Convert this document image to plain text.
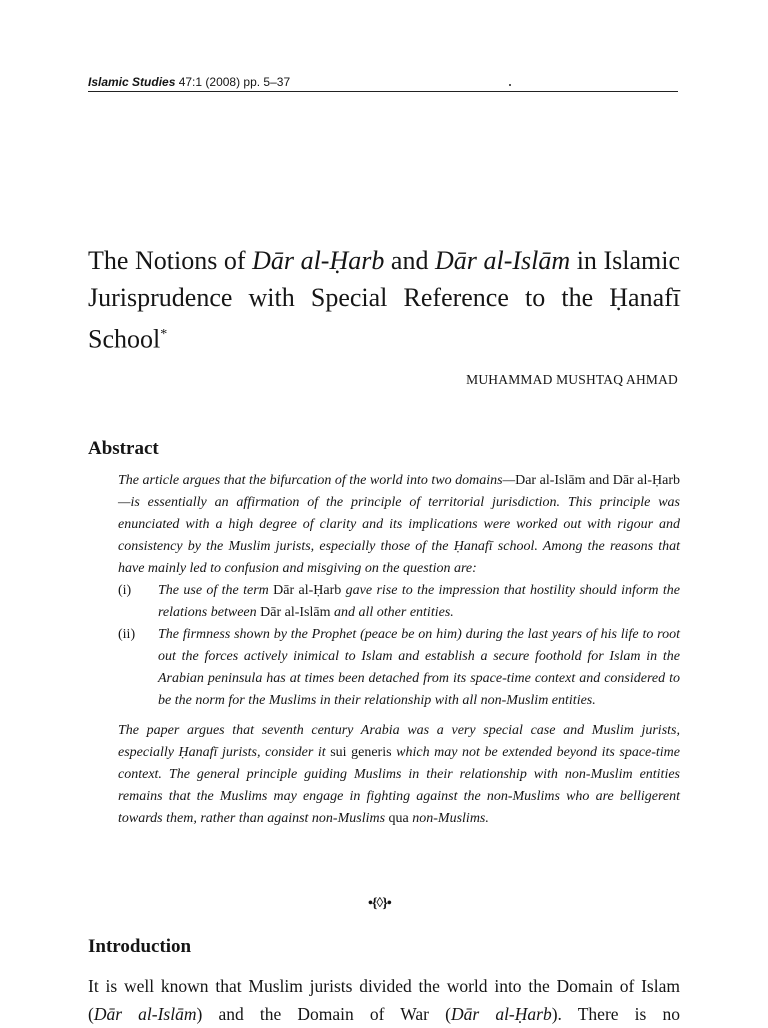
Islamic Studies 47:1 (2008) pp. 5–37
The Notions of Dār al-Ḥarb and Dār al-Islām in Islamic Jurisprudence with Special Reference to the Ḥanafī School*
MUHAMMAD MUSHTAQ AHMAD
Abstract

The article argues that the bifurcation of the world into two domains—Dar al-Islām and Dār al-Ḥarb—is essentially an affirmation of the principle of territorial jurisdiction. This principle was enunciated with a high degree of clarity and its implications were worked out with rigour and consistency by the Muslim jurists, especially those of the Ḥanafī school. Among the reasons that have mainly led to confusion and misgiving on the question are:

(i)	The use of the term Dār al-Ḥarb gave rise to the impression that hostility should inform the relations between Dār al-Islām and all other entities.
(ii)	The firmness shown by the Prophet (peace be on him) during the last years of his life to root out the forces actively inimical to Islam and establish a secure foothold for Islam in the Arabian peninsula has at times been detached from its space-time context and considered to be the norm for the Muslims in their relationship with all non-Muslim entities.

The paper argues that seventh century Arabia was a very special case and Muslim jurists, especially Ḥanafī jurists, consider it sui generis which may not be extended beyond its space-time context. The general principle guiding Muslims in their relationship with non-Muslim entities remains that the Muslims may engage in fighting against the non-Muslims who are belligerent towards them, rather than against non-Muslims qua non-Muslims.

•{◊}•
Introduction

It is well known that Muslim jurists divided the world into the Domain of Islam (Dār al-Islām) and the Domain of War (Dār al-Ḥarb). There is no
